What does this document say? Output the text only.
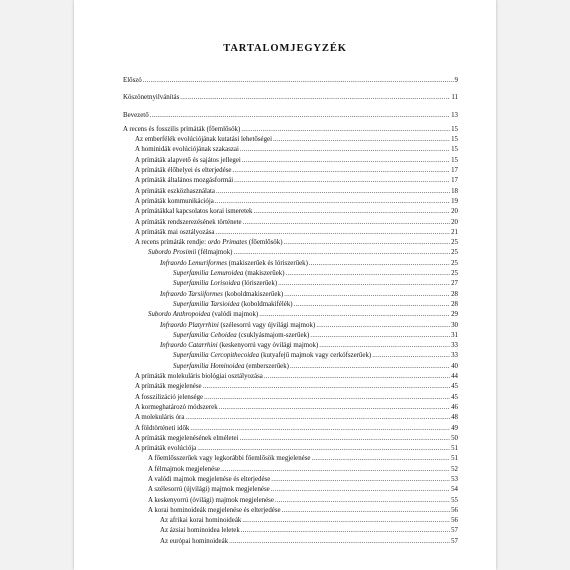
TARTALOMJEGYZÉK
Előszó .....	9
Köszönetnyilvánítás .....	11
Bevezető .....	13
A recens és fosszilis prímáták (főemlősök) .....	15
Az emberfélék evolúciójának kutatási lehetőségei .....	15
A hominidák evolúciójának szakaszai .....	15
A prímáták alapvető és sajátos jellegei .....	15
A prímáták élőhelyei és elterjedése .....	17
A prímáták általános mozgásformái .....	17
A prímáták eszközhasználata .....	18
A prímáták kommunikációja .....	19
A prímátákkal kapcsolatos korai ismeretek .....	20
A prímáták rendszerezésének története .....	20
A prímáták mai osztályozása .....	21
A recens prímáták rendje: ordo Primates (főemlősök) .....	25
Subordo Prosimii (félmajmok) .....	25
Infraordo Lemuriformes (makiszerűek és lóriszerűek) .....	25
Superfamilia Lemuroidea (makiszerűek) .....	25
Superfamilia Lorisoidea (lóriszerűek) .....	27
Infraordo Tarsiiformes (koboldmakiszerűek) .....	28
Superfamilia Tarsioidea (koboldmakifélék) .....	28
Subordo Anthropoidea (valódi majmok) .....	29
Infraordo Platyrrhini (szélesorrú vagy újvilági majmok) .....	30
Superfamilia Ceboidea (csuklyásmajom-szerűek) .....	31
Infraordo Catarrhini (keskenyorrú vagy óvilági majmok) .....	33
Superfamilia Cercopithecoidea (kutyafejű majmok vagy cerkófszerűek) .....	33
Superfamilia Hominoidea (emberszerűek) .....	40
A prímáták molekuláris biológiai osztályozása .....	44
A prímáták megjelenése .....	45
A fosszilizáció jelensége .....	45
A kormeghatározó módszerek .....	46
A molekuláris óra .....	48
A földtörténeti idők .....	49
A prímáták megjelenésének elméletei .....	50
A prímáták evolúciója .....	51
A főemlősszerűek vagy legkorábbi főemlősök megjelenése .....	51
A félmajmok megjelenése .....	52
A valódi majmok megjelenése és elterjedése .....	53
A szélesorrú (újvilági) majmok megjelenése .....	54
A keskenyorrú (óvilági) majmok megjelenése .....	55
A korai hominoideák megjelenése és elterjedése .....	56
Az afrikai korai hominoideák .....	56
Az ázsiai hominoidea leletek .....	57
Az európai hominoideák .....	57
